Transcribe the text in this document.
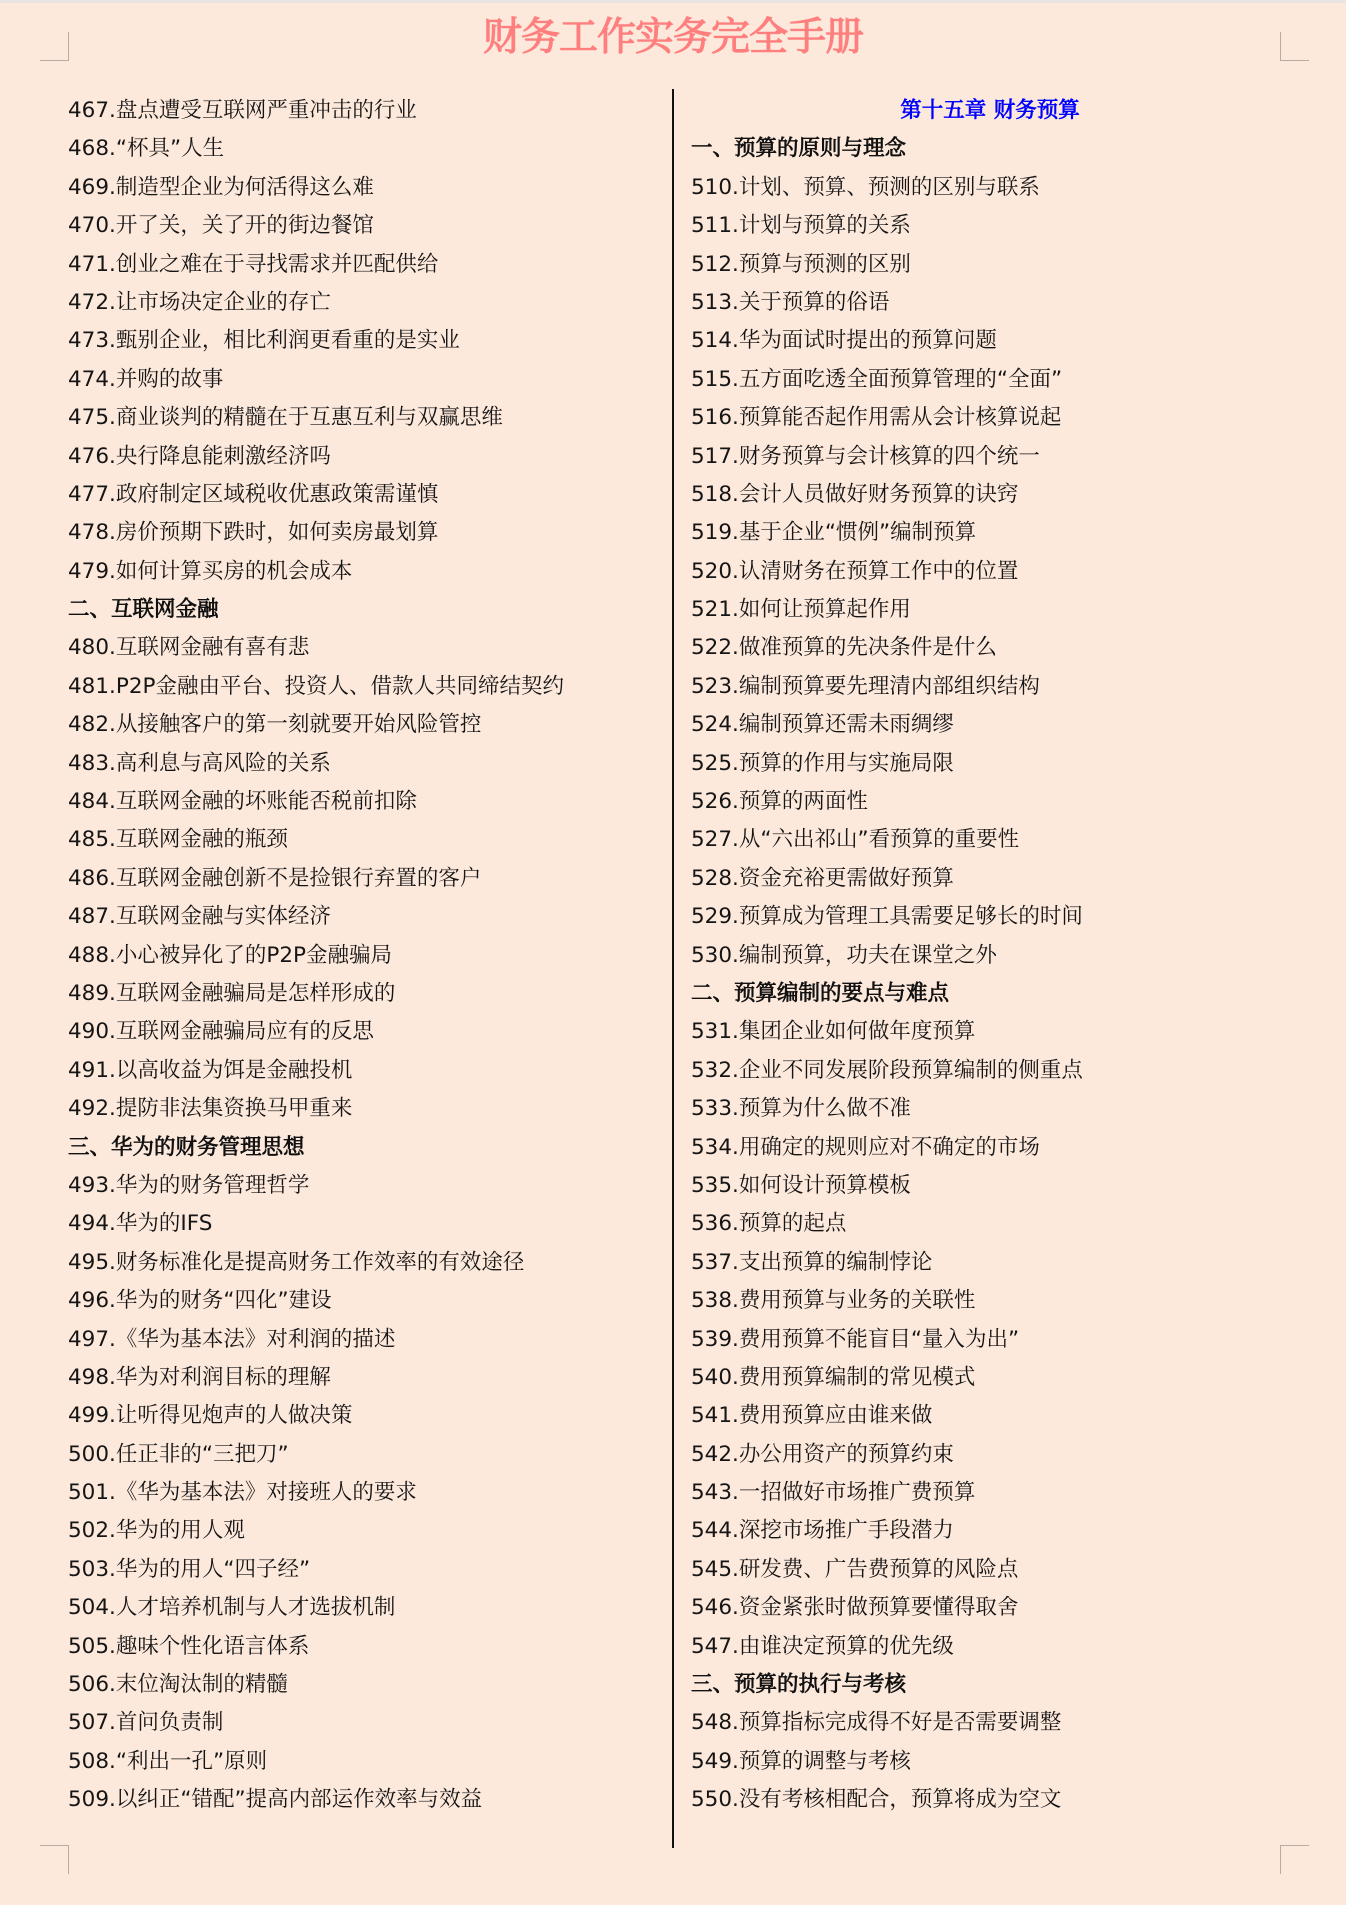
财务工作实务完全手册
467.盘点遭受互联网严重冲击的行业
468.“杯具”人生
469.制造型企业为何活得这么难
470.开了关，关了开的街边餐馆
471.创业之难在于寻找需求并匹配供给
472.让市场决定企业的存亡
473.甄别企业，相比利润更看重的是实业
474.并购的故事
475.商业谈判的精髓在于互惠互利与双赢思维
476.央行降息能刺激经济吗
477.政府制定区域税收优惠政策需谨慎
478.房价预期下跌时，如何卖房最划算
479.如何计算买房的机会成本
二、互联网金融
480.互联网金融有喜有悲
481.P2P金融由平台、投资人、借款人共同缔结契约
482.从接触客户的第一刻就要开始风险管控
483.高利息与高风险的关系
484.互联网金融的坏账能否税前扣除
485.互联网金融的瓶颈
486.互联网金融创新不是捡银行弃置的客户
487.互联网金融与实体经济
488.小心被异化了的P2P金融骗局
489.互联网金融骗局是怎样形成的
490.互联网金融骗局应有的反思
491.以高收益为饵是金融投机
492.提防非法集资换马甲重来
三、华为的财务管理思想
493.华为的财务管理哲学
494.华为的IFS
495.财务标准化是提高财务工作效率的有效途径
496.华为的财务“四化”建设
497.《华为基本法》对利润的描述
498.华为对利润目标的理解
499.让听得见炮声的人做决策
500.任正非的“三把刀”
501.《华为基本法》对接班人的要求
502.华为的用人观
503.华为的用人“四子经”
504.人才培养机制与人才选拔机制
505.趣味个性化语言体系
506.末位淘汰制的精髓
507.首问负责制
508.“利出一孔”原则
509.以纠正“错配”提高内部运作效率与效益
第十五章 财务预算
一、预算的原则与理念
510.计划、预算、预测的区别与联系
511.计划与预算的关系
512.预算与预测的区别
513.关于预算的俗语
514.华为面试时提出的预算问题
515.五方面吃透全面预算管理的“全面”
516.预算能否起作用需从会计核算说起
517.财务预算与会计核算的四个统一
518.会计人员做好财务预算的诀窍
519.基于企业“惯例”编制预算
520.认清财务在预算工作中的位置
521.如何让预算起作用
522.做准预算的先决条件是什么
523.编制预算要先理清内部组织结构
524.编制预算还需未雨绸缪
525.预算的作用与实施局限
526.预算的两面性
527.从“六出祁山”看预算的重要性
528.资金充裕更需做好预算
529.预算成为管理工具需要足够长的时间
530.编制预算，功夫在课堂之外
二、预算编制的要点与难点
531.集团企业如何做年度预算
532.企业不同发展阶段预算编制的侧重点
533.预算为什么做不准
534.用确定的规则应对不确定的市场
535.如何设计预算模板
536.预算的起点
537.支出预算的编制悖论
538.费用预算与业务的关联性
539.费用预算不能盲目“量入为出”
540.费用预算编制的常见模式
541.费用预算应由谁来做
542.办公用资产的预算约束
543.一招做好市场推广费预算
544.深挖市场推广手段潜力
545.研发费、广告费预算的风险点
546.资金紧张时做预算要懂得取舍
547.由谁决定预算的优先级
三、预算的执行与考核
548.预算指标完成得不好是否需要调整
549.预算的调整与考核
550.没有考核相配合，预算将成为空文
